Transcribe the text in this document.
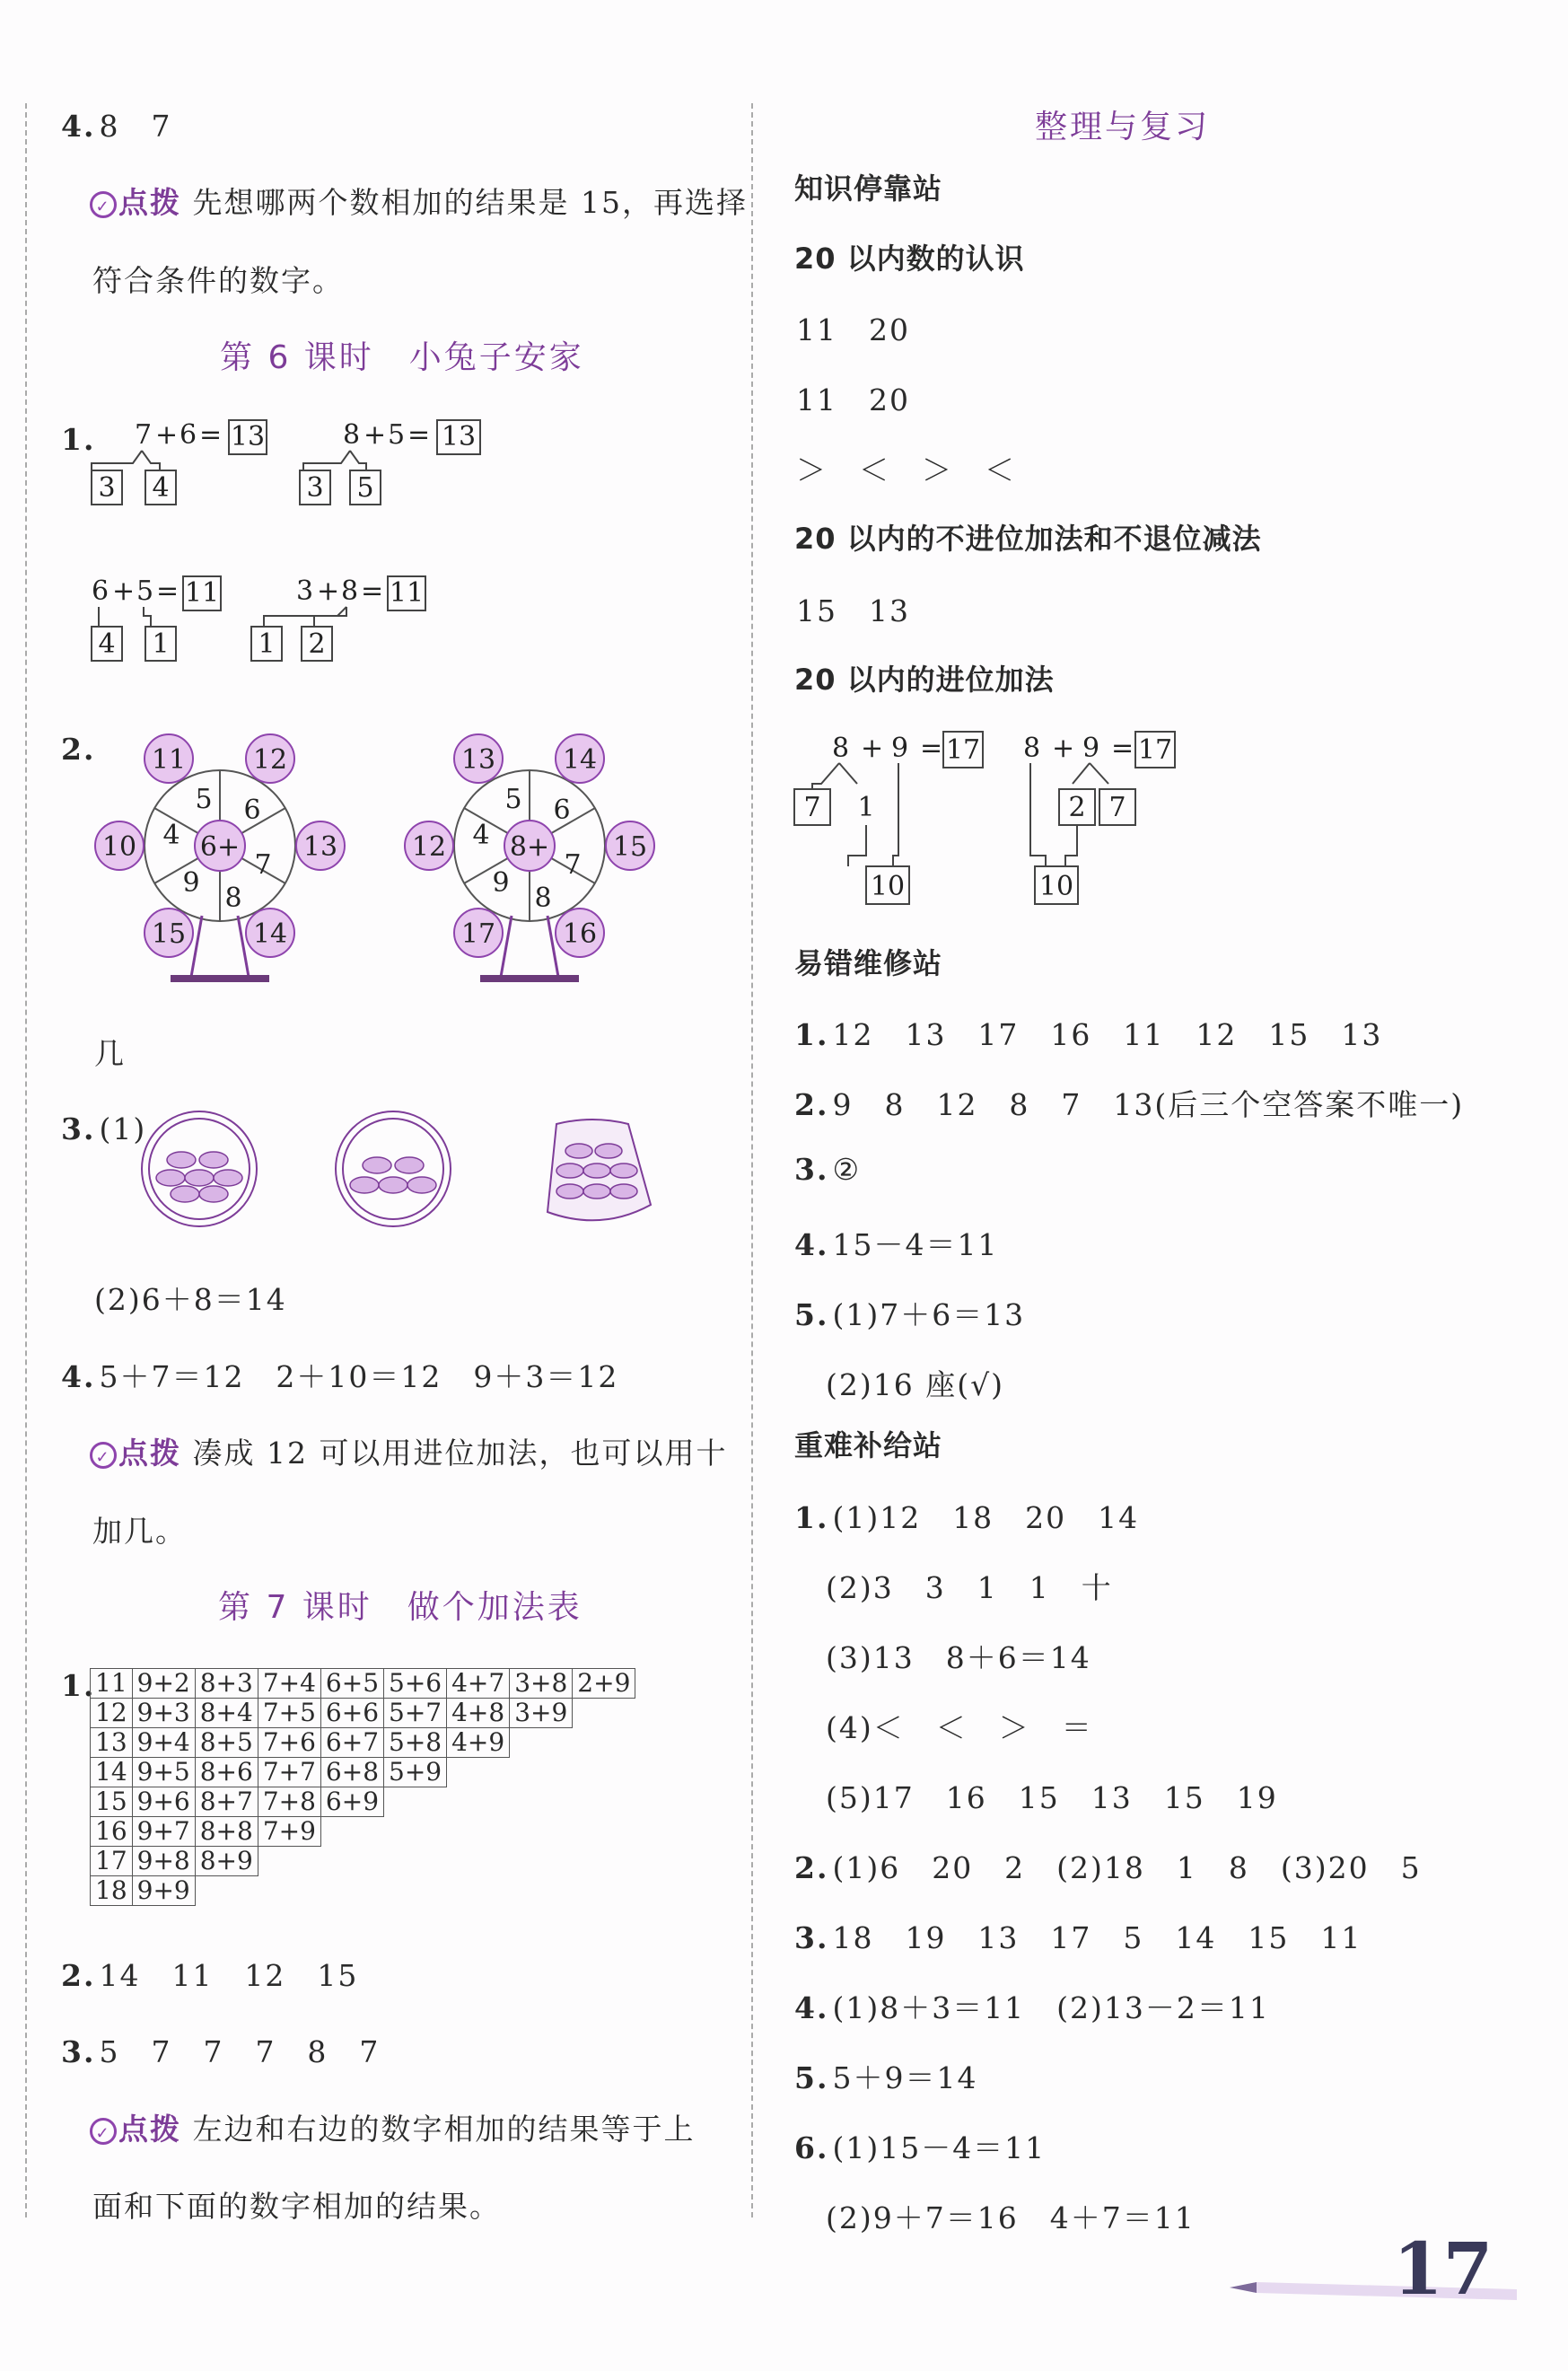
4. 8　7
✓ 点拨 先想哪两个数相加的结果是 15，再选择
符合条件的数字。
第 6 课时　小兔子安家
1. 7 + 6 = 13
3 4
8 + 5 = 13
3 5
6 + 5 = 11
4 1
3 + 8 = 11
1 2
2.
6+
5 6
7
8
9
4
11 12
13
14
15
10	8+
5 6
7
8
9
4
13 14
15
16
17
12
几
3. (1)
(2)6＋8＝14
4. 5＋7＝12　2＋10＝12　9＋3＝12
✓ 点拨 凑成 12 可以用进位加法，也可以用十
加几。
第 7 课时　做个加法表
1. 11	9+2	8+3	7+4	6+5	5+6	4+7	3+8	2+9
12	9+3	8+4	7+5	6+6	5+7	4+8	3+9	
13	9+4	8+5	7+6	6+7	5+8	4+9		
14	9+5	8+6	7+7	6+8	5+9			
15	9+6	8+7	7+8	6+9				
16	9+7	8+8	7+9					
17	9+8	8+9						
18	9+9							
2. 14　11　12　15
3. 5　7　7　7　8　7
✓ 点拨 左边和右边的数字相加的结果等于上
面和下面的数字相加的结果。
整理与复习
知识停靠站
20 以内数的认识
11　20
11　20
＞　＜　＞　＜
20 以内的不进位加法和不退位减法
15　13
20 以内的进位加法
8 + 9 = 17
7 1
10
8 + 9 = 17
2 7
10
易错维修站
1. 12　13　17　16　11　12　15　13
2. 9　8　12　8　7　13(后三个空答案不唯一)
3. ②
4. 15－4＝11
5. (1)7＋6＝13
(2)16 座(√)
重难补给站
1. (1)12　18　20　14
(2)3　3　1　1　十
(3)13　8＋6＝14
(4)＜　＜　＞　＝
(5)17　16　15　13　15　19
2. (1)6　20　2　(2)18　1　8　(3)20　5
3. 18　19　13　17　5　14　15　11
4. (1)8＋3＝11　(2)13－2＝11
5. 5＋9＝14
6. (1)15－4＝11
(2)9＋7＝16　4＋7＝11
17
